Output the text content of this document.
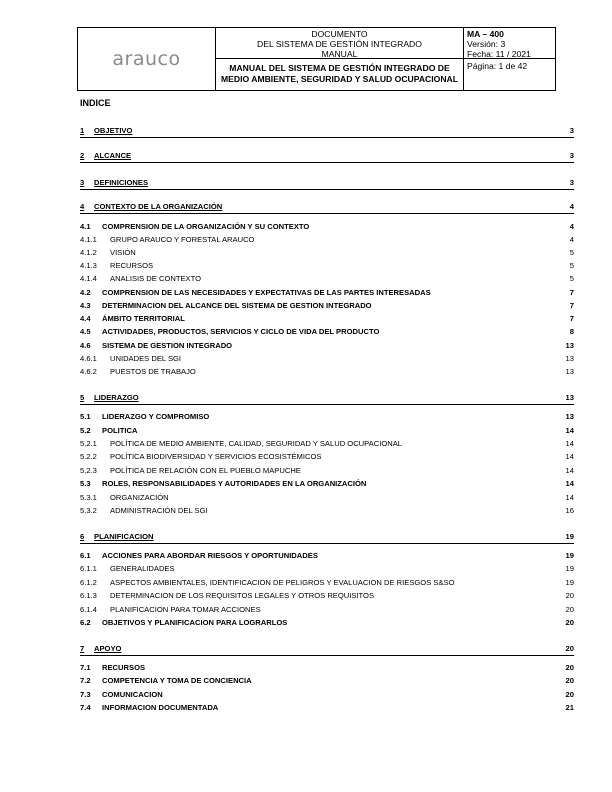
arauco
DOCUMENTO
DEL SISTEMA DE GESTIÓN INTEGRADO
MANUAL
MANUAL DEL SISTEMA DE GESTIÓN INTEGRADO DE
MEDIO AMBIENTE, SEGURIDAD Y SALUD OCUPACIONAL
MA – 400
Versión: 3
Fecha: 11 / 2021
Página: 1 de 42
INDICE
1 OBJETIVO	3
2 ALCANCE	3
3 DEFINICIONES	3
4 CONTEXTO DE LA ORGANIZACIÓN	4
4.1 COMPRENSION DE LA ORGANIZACIÓN Y SU CONTEXTO	4
4.1.1 GRUPO ARAUCO Y FORESTAL ARAUCO	4
4.1.2 VISIÓN	5
4.1.3 RECURSOS	5
4.1.4 ANALISIS DE CONTEXTO	5
4.2 COMPRENSION DE LAS NECESIDADES Y EXPECTATIVAS DE LAS PARTES INTERESADAS	7
4.3 DETERMINACION DEL ALCANCE DEL SISTEMA DE GESTION INTEGRADO	7
4.4 ÁMBITO TERRITORIAL	7
4.5 ACTIVIDADES, PRODUCTOS, SERVICIOS Y CICLO DE VIDA DEL PRODUCTO	8
4.6 SISTEMA DE GESTION INTEGRADO	13
4.6.1 UNIDADES DEL SGI	13
4.6.2 PUESTOS DE TRABAJO	13
5 LIDERAZGO	13
5.1 LIDERAZGO Y COMPROMISO	13
5.2 POLITICA	14
5.2.1 POLÍTICA DE MEDIO AMBIENTE, CALIDAD, SEGURIDAD Y SALUD OCUPACIONAL	14
5.2.2 POLÍTICA BIODIVERSIDAD Y SERVICIOS ECOSISTÉMICOS	14
5.2.3 POLÍTICA DE RELACIÓN CON EL PUEBLO MAPUCHE	14
5.3 ROLES, RESPONSABILIDADES Y AUTORIDADES EN LA ORGANIZACIÓN	14
5.3.1 ORGANIZACIÓN	14
5.3.2 ADMINISTRACIÓN DEL SGI	16
6 PLANIFICACION	19
6.1 ACCIONES PARA ABORDAR RIESGOS Y OPORTUNIDADES	19
6.1.1 GENERALIDADES	19
6.1.2 ASPECTOS AMBIENTALES, IDENTIFICACION DE PELIGROS Y EVALUACION DE RIESGOS S&SO	19
6.1.3 DETERMINACION DE LOS REQUISITOS LEGALES Y OTROS REQUISITOS	20
6.1.4 PLANIFICACION PARA TOMAR ACCIONES	20
6.2 OBJETIVOS Y PLANIFICACION PARA LOGRARLOS	20
7 APOYO	20
7.1 RECURSOS	20
7.2 COMPETENCIA Y TOMA DE CONCIENCIA	20
7.3 COMUNICACION	20
7.4 INFORMACION DOCUMENTADA	21
